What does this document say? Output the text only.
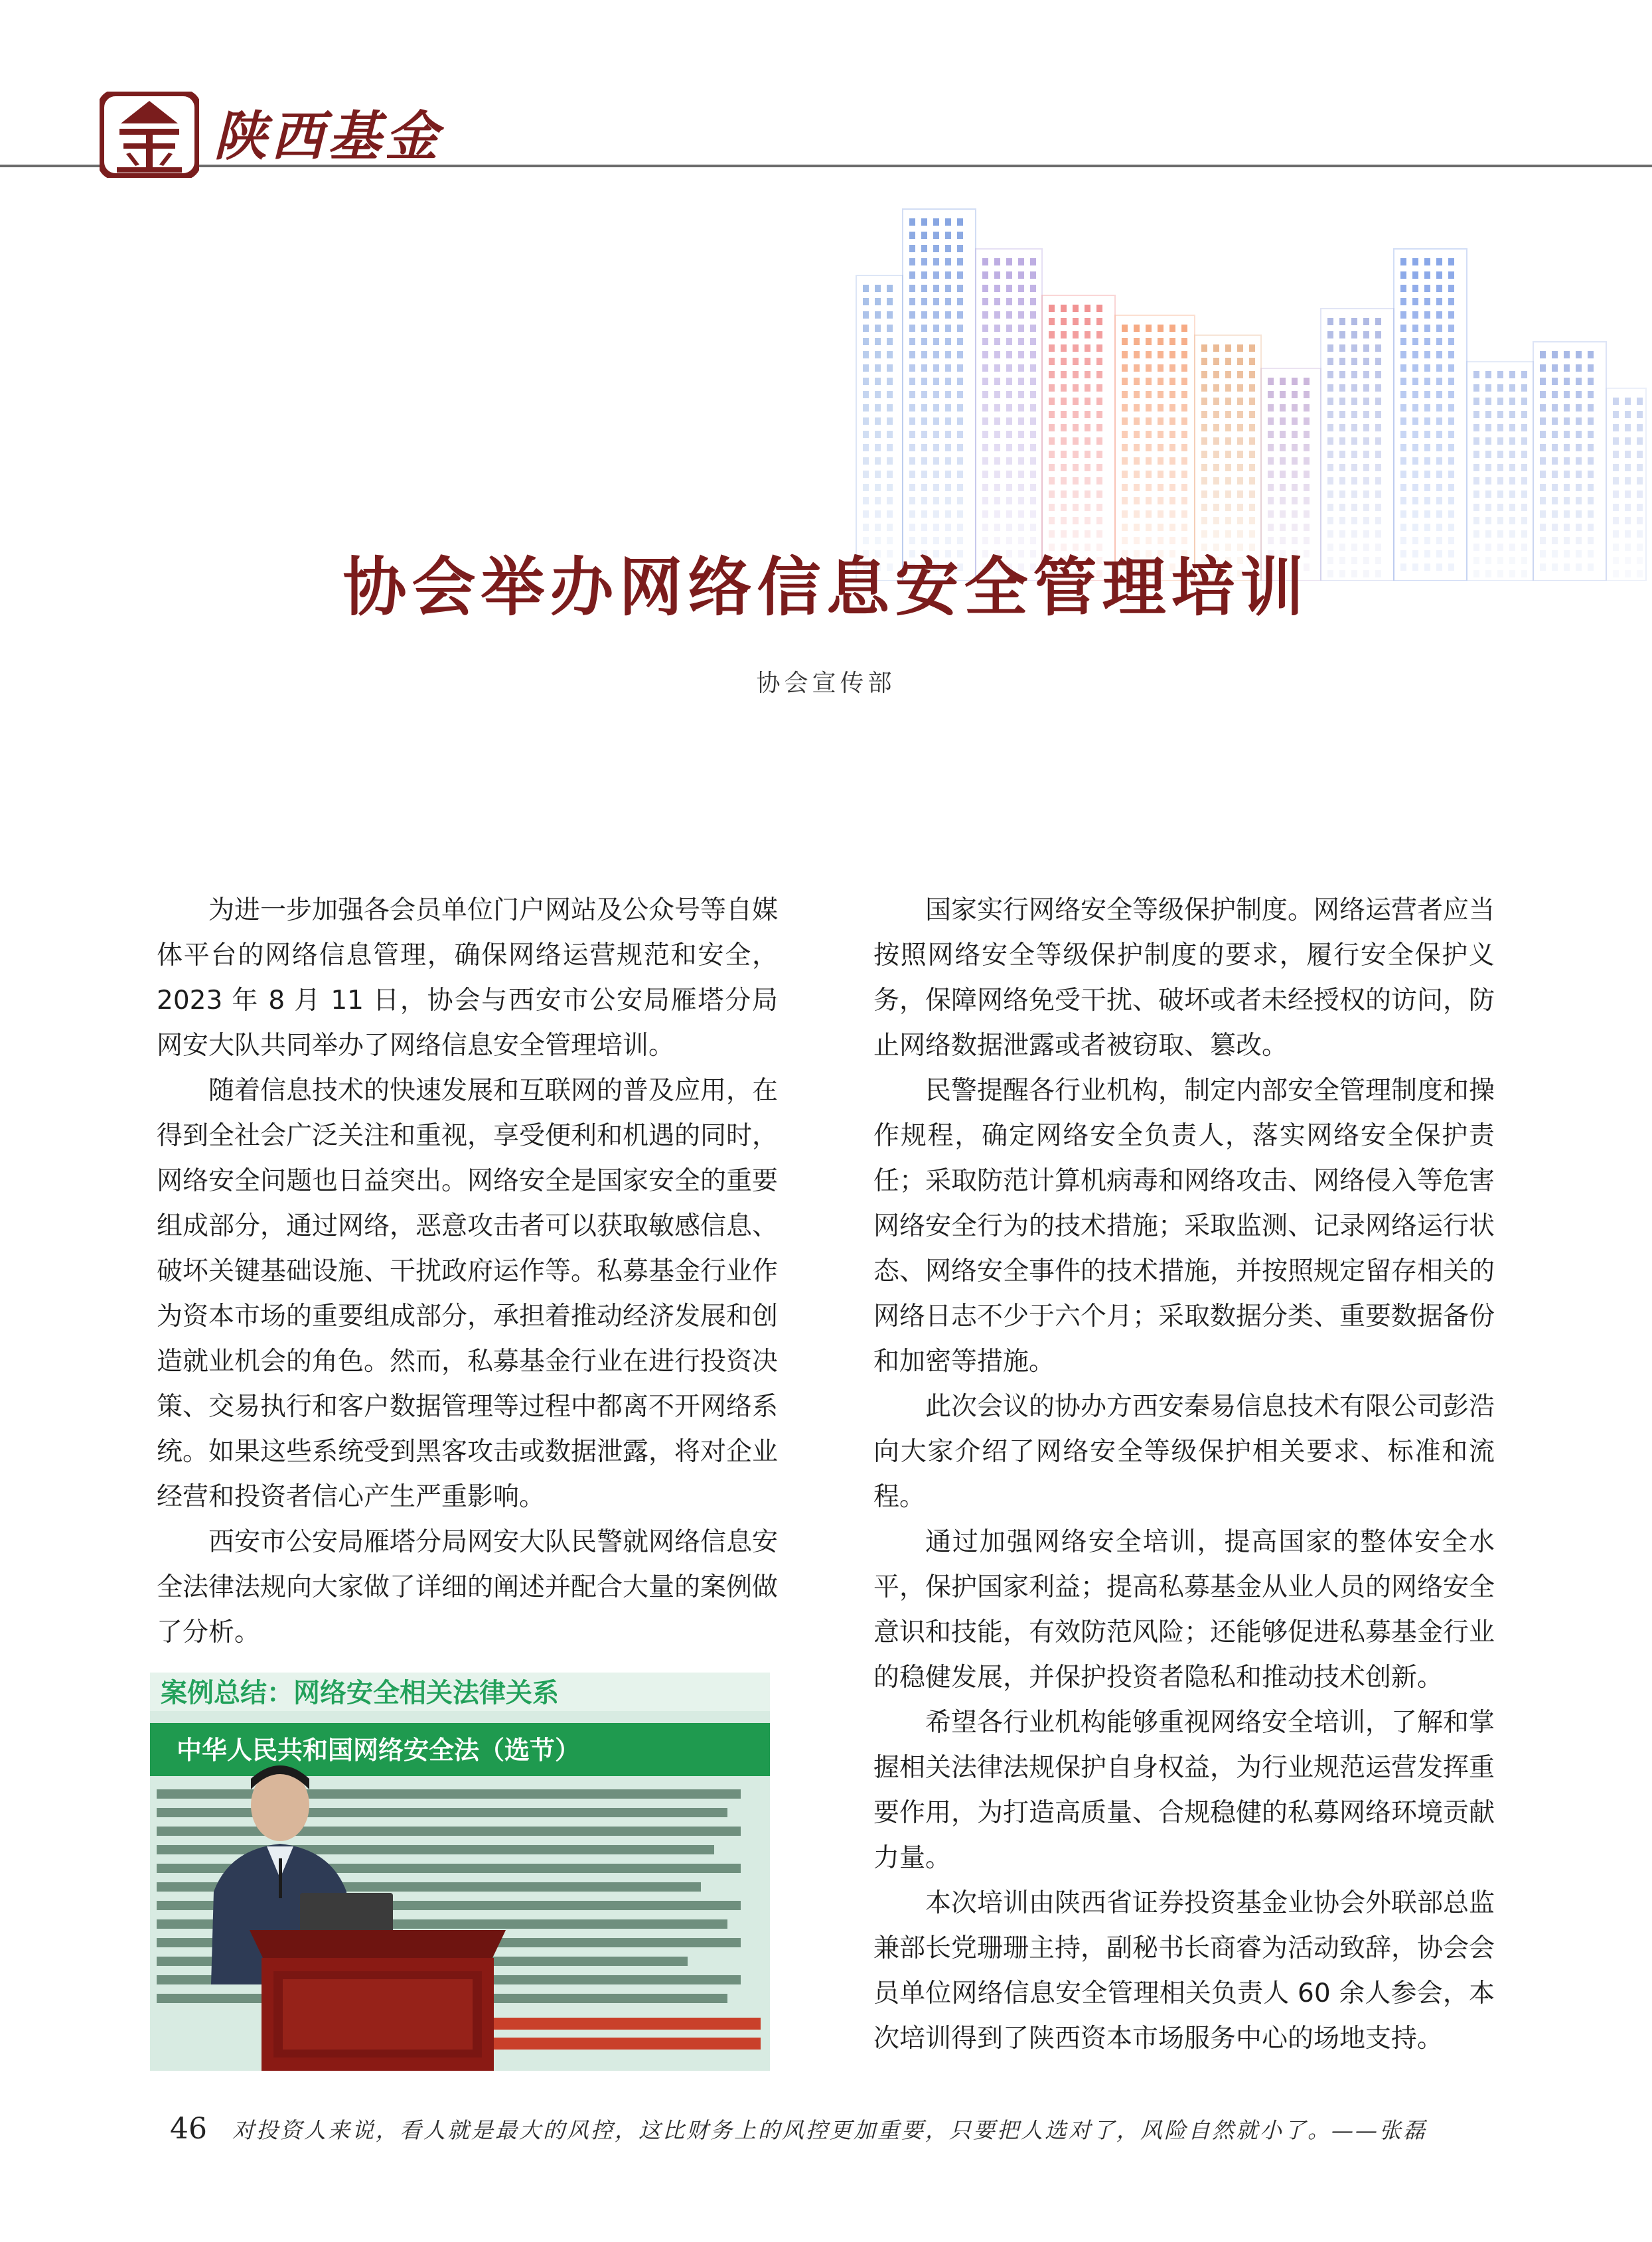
陕西基金
协会举办网络信息安全管理培训
协会宣传部

为进一步加强各会员单位门户网站及公众号等自媒体平台的网络信息管理，确保网络运营规范和安全，2023 年 8 月 11 日，协会与西安市公安局雁塔分局网安大队共同举办了网络信息安全管理培训。

随着信息技术的快速发展和互联网的普及应用，在得到全社会广泛关注和重视，享受便利和机遇的同时，网络安全问题也日益突出。网络安全是国家安全的重要组成部分，通过网络，恶意攻击者可以获取敏感信息、破坏关键基础设施、干扰政府运作等。私募基金行业作为资本市场的重要组成部分，承担着推动经济发展和创造就业机会的角色。然而，私募基金行业在进行投资决策、交易执行和客户数据管理等过程中都离不开网络系统。如果这些系统受到黑客攻击或数据泄露，将对企业经营和投资者信心产生严重影响。

西安市公安局雁塔分局网安大队民警就网络信息安全法律法规向大家做了详细的阐述并配合大量的案例做了分析。

案例总结：网络安全相关法律关系
中华人民共和国网络安全法（选节）

国家实行网络安全等级保护制度。网络运营者应当按照网络安全等级保护制度的要求，履行安全保护义务，保障网络免受干扰、破坏或者未经授权的访问，防止网络数据泄露或者被窃取、篡改。

民警提醒各行业机构，制定内部安全管理制度和操作规程，确定网络安全负责人，落实网络安全保护责任；采取防范计算机病毒和网络攻击、网络侵入等危害网络安全行为的技术措施；采取监测、记录网络运行状态、网络安全事件的技术措施，并按照规定留存相关的网络日志不少于六个月；采取数据分类、重要数据备份和加密等措施。

此次会议的协办方西安秦易信息技术有限公司彭浩向大家介绍了网络安全等级保护相关要求、标准和流程。

通过加强网络安全培训，提高国家的整体安全水平，保护国家利益；提高私募基金从业人员的网络安全意识和技能，有效防范风险；还能够促进私募基金行业的稳健发展，并保护投资者隐私和推动技术创新。

希望各行业机构能够重视网络安全培训，了解和掌握相关法律法规保护自身权益，为行业规范运营发挥重要作用，为打造高质量、合规稳健的私募网络环境贡献力量。

本次培训由陕西省证券投资基金业协会外联部总监兼部长党珊珊主持，副秘书长商睿为活动致辞，协会会员单位网络信息安全管理相关负责人 60 余人参会，本次培训得到了陕西资本市场服务中心的场地支持。

46 对投资人来说，看人就是最大的风控，这比财务上的风控更加重要，只要把人选对了，风险自然就小了。——张磊
